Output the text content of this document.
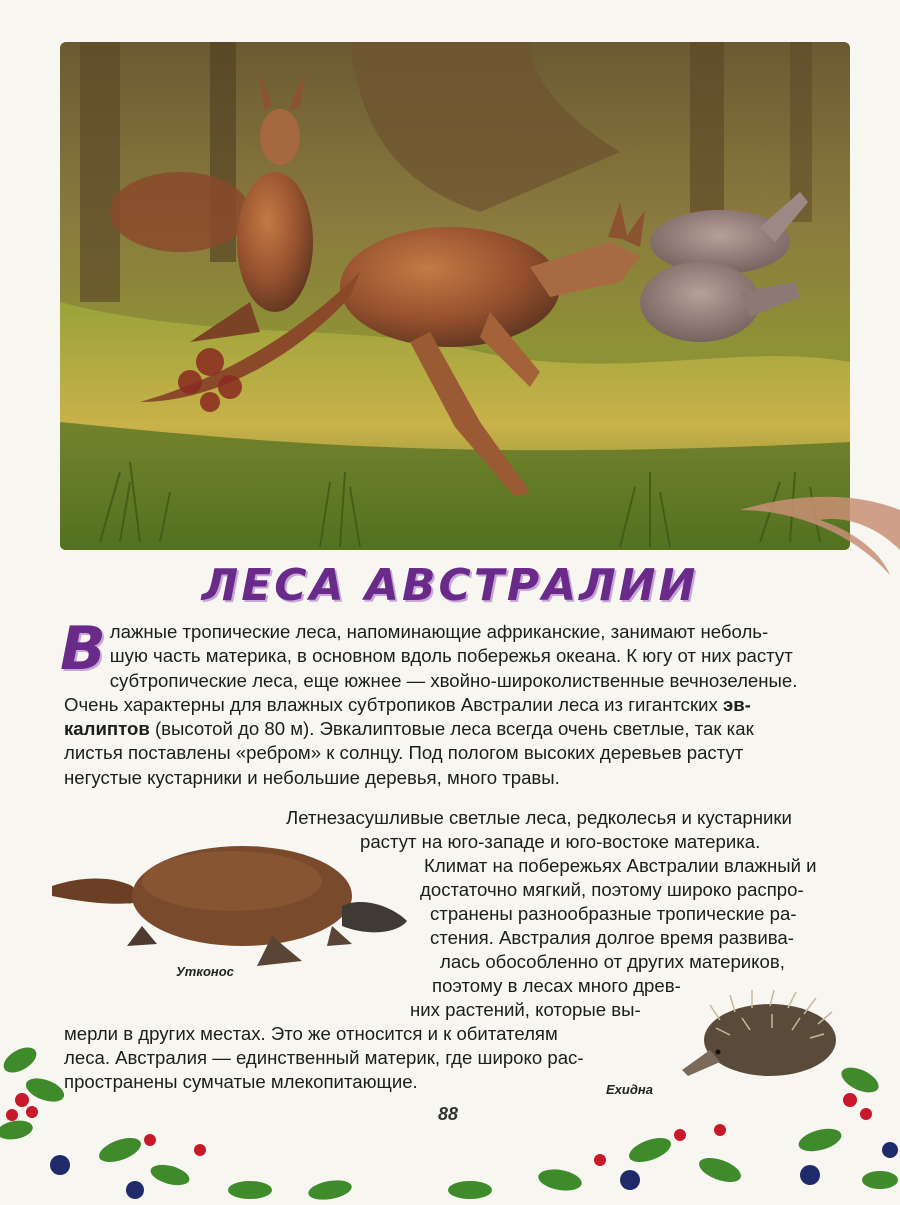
ЛЕСА АВСТРАЛИИ
В лажные тропические леса, напоминающие африканские, занимают неболь-
шую часть материка, в основном вдоль побережья океана. К югу от них растут
субтропические леса, еще южнее — хвойно-широколиственные вечнозеленые.
Очень характерны для влажных субтропиков Австралии леса из гигантских эв-
калиптов (высотой до 80 м). Эвкалиптовые леса всегда очень светлые, так как
листья поставлены «ребром» к солнцу. Под пологом высоких деревьев растут
негустые кустарники и небольшие деревья, много травы.
Летнезасушливые светлые леса, редколесья и кустарники
растут на юго-западе и юго-востоке материка.
Климат на побережьях Австралии влажный и
достаточно мягкий, поэтому широко распро-
странены разнообразные тропические ра-
стения. Австралия долгое время развива-
лась обособленно от других материков,
поэтому в лесах много древ-
них растений, которые вы-
мерли в других местах. Это же относится и к обитателям
леса. Австралия — единственный материк, где широко рас-
пространены сумчатые млекопитающие.
Утконос
Ехидна
88
